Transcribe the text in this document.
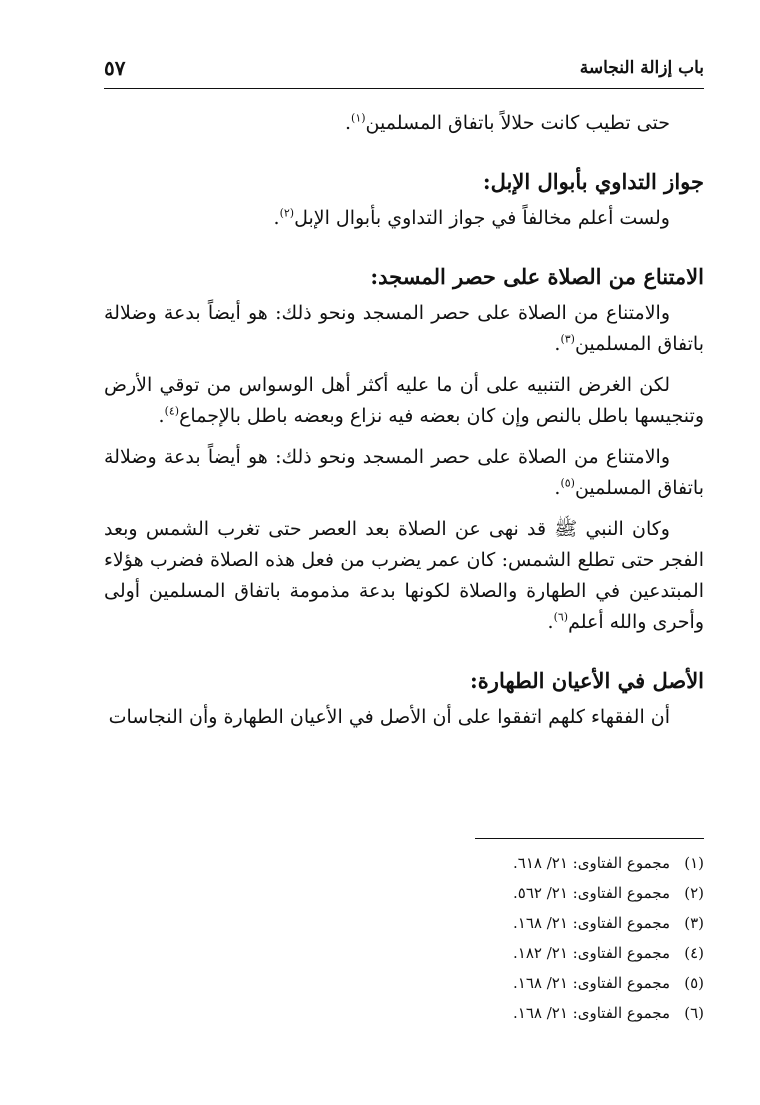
باب إزالة النجاسة
٥٧

حتى تطيب كانت حلالاً باتفاق المسلمين$^{(١)}$.

جواز التداوي بأبوال الإبل:

ولست أعلم مخالفاً في جواز التداوي بأبوال الإبل$^{(٢)}$.

الامتناع من الصلاة على حصر المسجد:

والامتناع من الصلاة على حصر المسجد ونحو ذلك: هو أيضاً بدعة وضلالة باتفاق المسلمين$^{(٣)}$.

لكن الغرض التنبيه على أن ما عليه أكثر أهل الوسواس من توقي الأرض وتنجيسها باطل بالنص وإن كان بعضه فيه نزاع وبعضه باطل بالإجماع$^{(٤)}$.

والامتناع من الصلاة على حصر المسجد ونحو ذلك: هو أيضاً بدعة وضلالة باتفاق المسلمين$^{(٥)}$.

وكان النبي ﷺ قد نهى عن الصلاة بعد العصر حتى تغرب الشمس وبعد الفجر حتى تطلع الشمس: كان عمر يضرب من فعل هذه الصلاة فضرب هؤلاء المبتدعين في الطهارة والصلاة لكونها بدعة مذمومة باتفاق المسلمين أولى وأحرى والله أعلم$^{(٦)}$.

الأصل في الأعيان الطهارة:

أن الفقهاء كلهم اتفقوا على أن الأصل في الأعيان الطهارة وأن النجاسات

(١)مجموع الفتاوى: ٢١/ ٦١٨.
(٢)مجموع الفتاوى: ٢١/ ٥٦٢.
(٣)مجموع الفتاوى: ٢١/ ١٦٨.
(٤)مجموع الفتاوى: ٢١/ ١٨٢.
(٥)مجموع الفتاوى: ٢١/ ١٦٨.
(٦)مجموع الفتاوى: ٢١/ ١٦٨.
